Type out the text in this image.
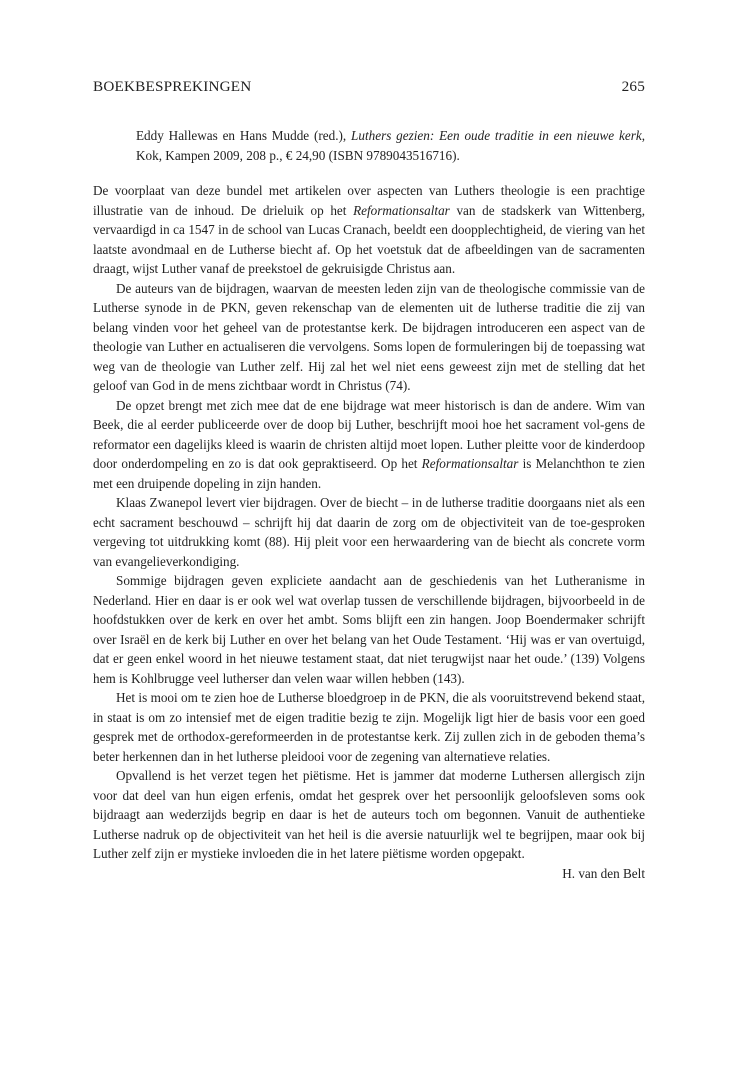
BOEKBESPREKINGEN	265
Eddy Hallewas en Hans Mudde (red.), Luthers gezien: Een oude traditie in een nieuwe kerk, Kok, Kampen 2009, 208 p., € 24,90 (ISBN 9789043516716).

De voorplaat van deze bundel met artikelen over aspecten van Luthers theologie is een prachtige illustratie van de inhoud. De drieluik op het Reformationsaltar van de stadskerk van Wittenberg, vervaardigd in ca 1547 in de school van Lucas Cranach, beeldt een doopplechtigheid, de viering van het laatste avondmaal en de Lutherse biecht af. Op het voetstuk dat de afbeeldingen van de sacramenten draagt, wijst Luther vanaf de preekstoel de gekruisigde Christus aan.

De auteurs van de bijdragen, waarvan de meesten leden zijn van de theologische commissie van de Lutherse synode in de PKN, geven rekenschap van de elementen uit de lutherse traditie die zij van belang vinden voor het geheel van de protestantse kerk. De bijdragen introduceren een aspect van de theologie van Luther en actualiseren die vervolgens. Soms lopen de formuleringen bij de toepassing wat weg van de theologie van Luther zelf. Hij zal het wel niet eens geweest zijn met de stelling dat het geloof van God in de mens zichtbaar wordt in Christus (74).

De opzet brengt met zich mee dat de ene bijdrage wat meer historisch is dan de andere. Wim van Beek, die al eerder publiceerde over de doop bij Luther, beschrijft mooi hoe het sacrament vol-gens de reformator een dagelijks kleed is waarin de christen altijd moet lopen. Luther pleitte voor de kinderdoop door onderdompeling en zo is dat ook gepraktiseerd. Op het Reformationsaltar is Melanchthon te zien met een druipende dopeling in zijn handen.

Klaas Zwanepol levert vier bijdragen. Over de biecht – in de lutherse traditie doorgaans niet als een echt sacrament beschouwd – schrijft hij dat daarin de zorg om de objectiviteit van de toe-gesproken vergeving tot uitdrukking komt (88). Hij pleit voor een herwaardering van de biecht als concrete vorm van evangelieverkondiging.

Sommige bijdragen geven expliciete aandacht aan de geschiedenis van het Lutheranisme in Nederland. Hier en daar is er ook wel wat overlap tussen de verschillende bijdragen, bijvoorbeeld in de hoofdstukken over de kerk en over het ambt. Soms blijft een zin hangen. Joop Boendermaker schrijft over Israël en de kerk bij Luther en over het belang van het Oude Testament. ‘Hij was er van overtuigd, dat er geen enkel woord in het nieuwe testament staat, dat niet terugwijst naar het oude.’ (139) Volgens hem is Kohlbrugge veel lutherser dan velen waar willen hebben (143).

Het is mooi om te zien hoe de Lutherse bloedgroep in de PKN, die als vooruitstrevend bekend staat, in staat is om zo intensief met de eigen traditie bezig te zijn. Mogelijk ligt hier de basis voor een goed gesprek met de orthodox-gereformeerden in de protestantse kerk. Zij zullen zich in de geboden thema’s beter herkennen dan in het lutherse pleidooi voor de zegening van alternatieve relaties.

Opvallend is het verzet tegen het piëtisme. Het is jammer dat moderne Luthersen allergisch zijn voor dat deel van hun eigen erfenis, omdat het gesprek over het persoonlijk geloofsleven soms ook bijdraagt aan wederzijds begrip en daar is het de auteurs toch om begonnen. Vanuit de authentieke Lutherse nadruk op de objectiviteit van het heil is die aversie natuurlijk wel te begrijpen, maar ook bij Luther zelf zijn er mystieke invloeden die in het latere piëtisme worden opgepakt.

H. van den Belt
